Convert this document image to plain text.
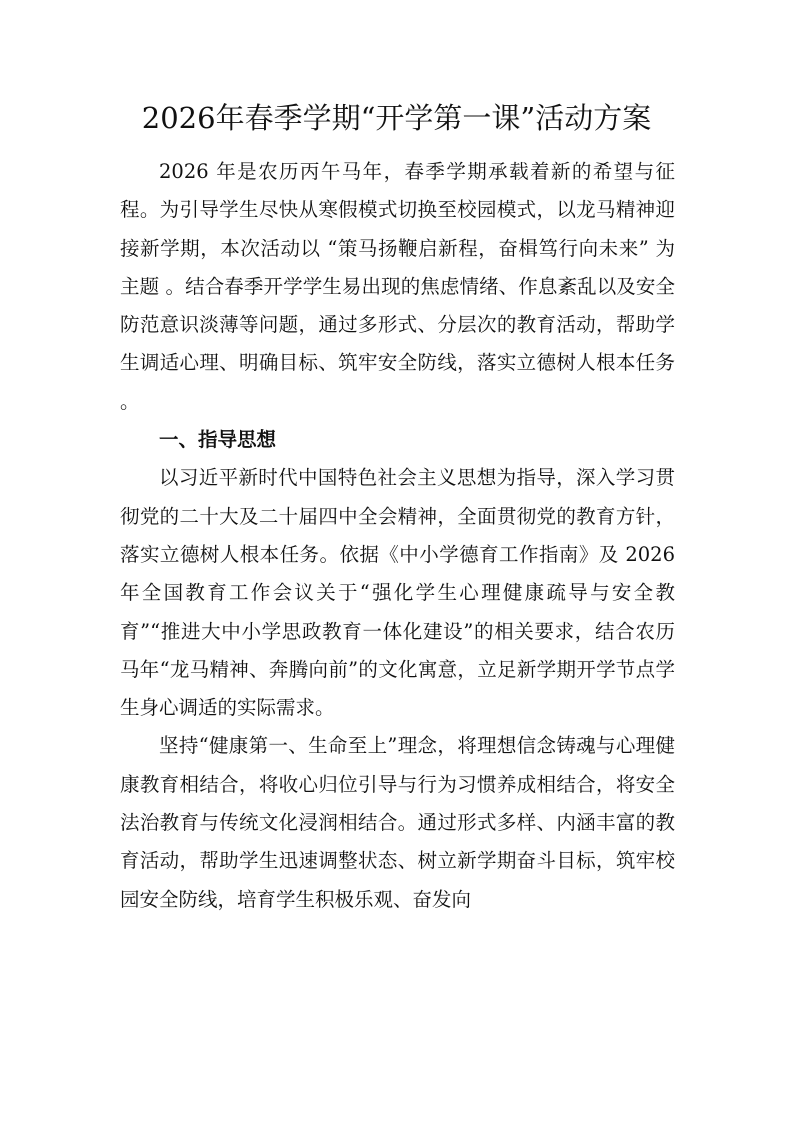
2026年春季学期“开学第一课”活动方案

2026 年是农历丙午马年，春季学期承载着新的希望与征程。为引导学生尽快从寒假模式切换至校园模式，以龙马精神迎接新学期，本次活动以 “策马扬鞭启新程，奋楫笃行向未来” 为主题 。结合春季开学学生易出现的焦虑情绪、作息紊乱以及安全防范意识淡薄等问题，通过多形式、分层次的教育活动，帮助学生调适心理、明确目标、筑牢安全防线，落实立德树人根本任务 。

一、指导思想

以习近平新时代中国特色社会主义思想为指导，深入学习贯彻党的二十大及二十届四中全会精神，全面贯彻党的教育方针，落实立德树人根本任务。依据《中小学德育工作指南》及 2026 年全国教育工作会议关于“强化学生心理健康疏导与安全教育”“推进大中小学思政教育一体化建设”的相关要求，结合农历马年“龙马精神、奔腾向前”的文化寓意，立足新学期开学节点学生身心调适的实际需求。

坚持“健康第一、生命至上”理念，将理想信念铸魂与心理健康教育相结合，将收心归位引导与行为习惯养成相结合，将安全法治教育与传统文化浸润相结合。通过形式多样、内涵丰富的教育活动，帮助学生迅速调整状态、树立新学期奋斗目标，筑牢校园安全防线，培育学生积极乐观、奋发向
